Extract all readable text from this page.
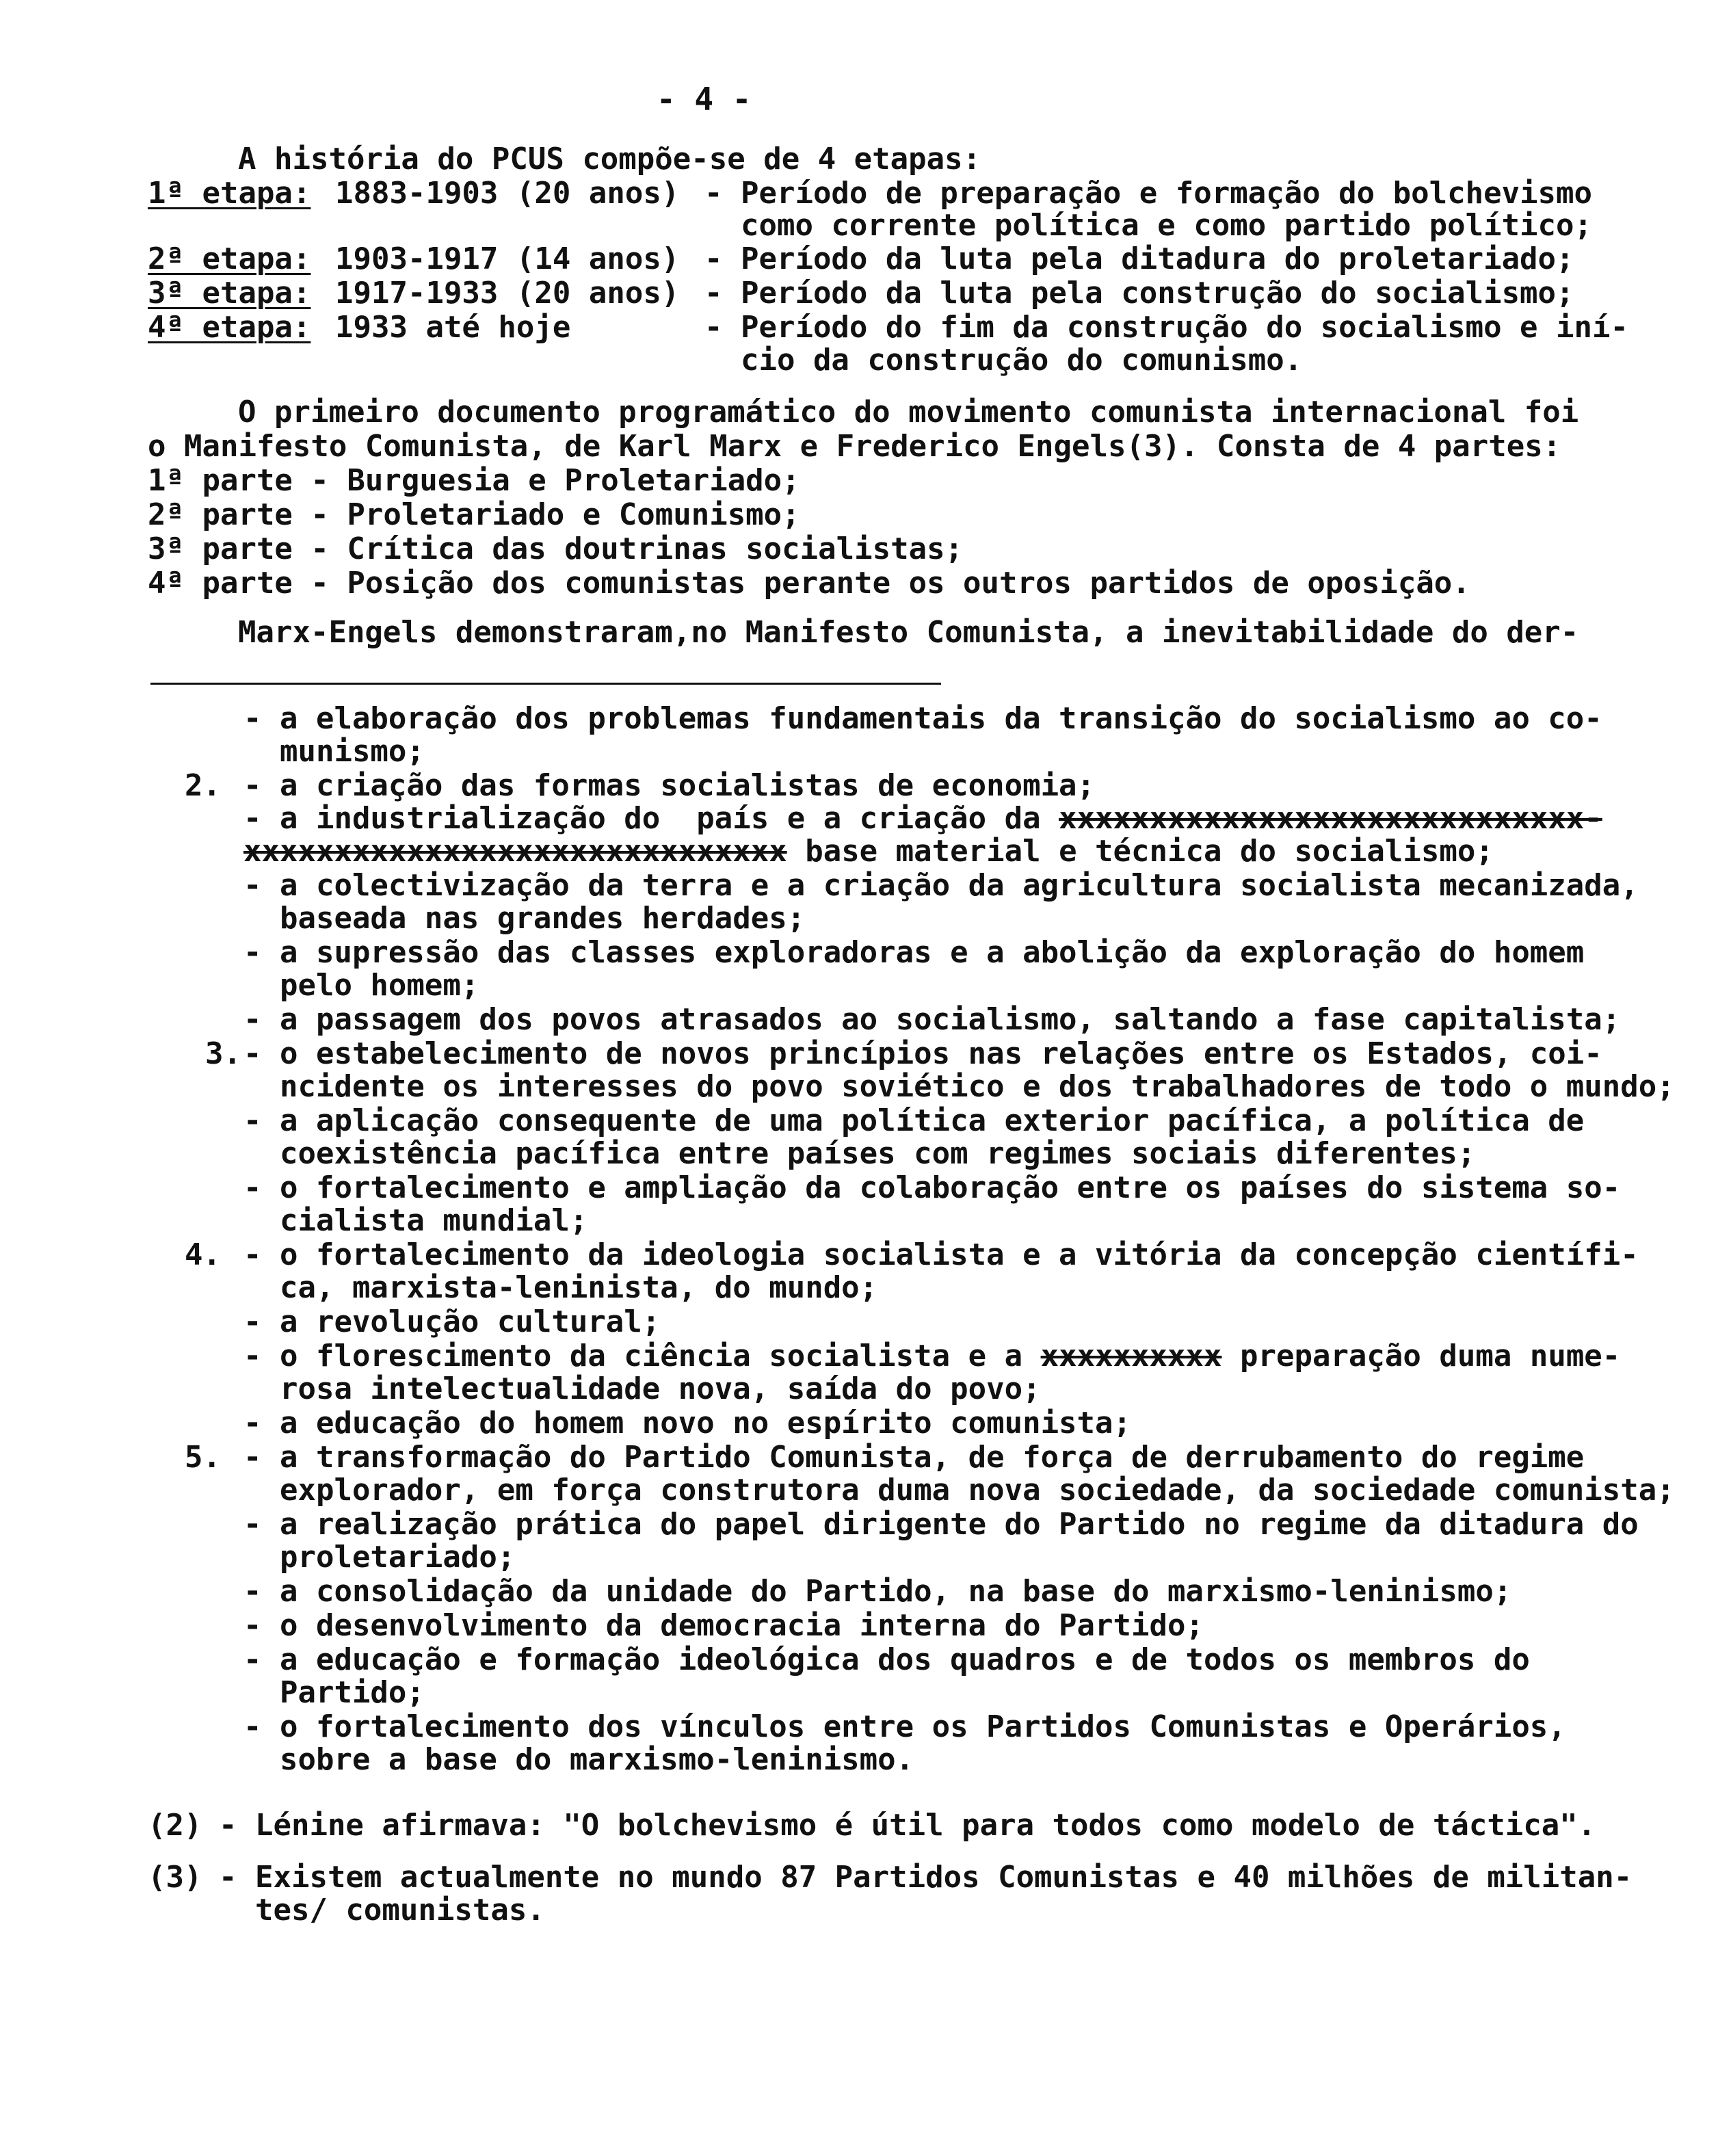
- 4 -
A história do PCUS compõe-se de 4 etapas:
1ª etapa: 1883-1903 (20 anos) - Período de preparação e formação do bolchevismo
como corrente política e como partido político;
2ª etapa: 1903-1917 (14 anos) - Período da luta pela ditadura do proletariado;
3ª etapa: 1917-1933 (20 anos) - Período da luta pela construção do socialismo;
4ª etapa: 1933 até hoje	- Período do fim da construção do socialismo e iní-
cio da construção do comunismo.
O primeiro documento programático do movimento comunista internacional foi
o Manifesto Comunista, de Karl Marx e Frederico Engels(3). Consta de 4 partes:
1ª parte - Burguesia e Proletariado;
2ª parte - Proletariado e Comunismo;
3ª parte - Crítica das doutrinas socialistas;
4ª parte - Posição dos comunistas perante os outros partidos de oposição.
Marx-Engels demonstraram,no Manifesto Comunista, a inevitabilidade do der-
- a elaboração dos problemas fundamentais da transição do socialismo ao co-
munismo;
2. - a criação das formas socialistas de economia;
- a industrialização do  país e a criação da xxxxxxxxxxxxxxxxxxxxxxxxxxxxx-
xxxxxxxxxxxxxxxxxxxxxxxxxxxxxx base material e técnica do socialismo;
- a colectivização da terra e a criação da agricultura socialista mecanizada,
baseada nas grandes herdades;
- a supressão das classes exploradoras e a abolição da exploração do homem
pelo homem;
- a passagem dos povos atrasados ao socialismo, saltando a fase capitalista;
3. - o estabelecimento de novos princípios nas relações entre os Estados, coi-
ncidente os interesses do povo soviético e dos trabalhadores de todo o mundo;
- a aplicação consequente de uma política exterior pacífica, a política de
coexistência pacífica entre países com regimes sociais diferentes;
- o fortalecimento e ampliação da colaboração entre os países do sistema so-
cialista mundial;
4. - o fortalecimento da ideologia socialista e a vitória da concepção científi-
ca, marxista-leninista, do mundo;
- a revolução cultural;
- o florescimento da ciência socialista e a xxxxxxxxxx preparação duma nume-
rosa intelectualidade nova, saída do povo;
- a educação do homem novo no espírito comunista;
5. - a transformação do Partido Comunista, de força de derrubamento do regime
explorador, em força construtora duma nova sociedade, da sociedade comunista;
- a realização prática do papel dirigente do Partido no regime da ditadura do
proletariado;
- a consolidação da unidade do Partido, na base do marxismo-leninismo;
- o desenvolvimento da democracia interna do Partido;
- a educação e formação ideológica dos quadros e de todos os membros do
Partido;
- o fortalecimento dos vínculos entre os Partidos Comunistas e Operários,
sobre a base do marxismo-leninismo.
(2) - Lénine afirmava: "O bolchevismo é útil para todos como modelo de táctica".
(3) - Existem actualmente no mundo 87 Partidos Comunistas e 40 milhões de militan-
tes/ comunistas.
